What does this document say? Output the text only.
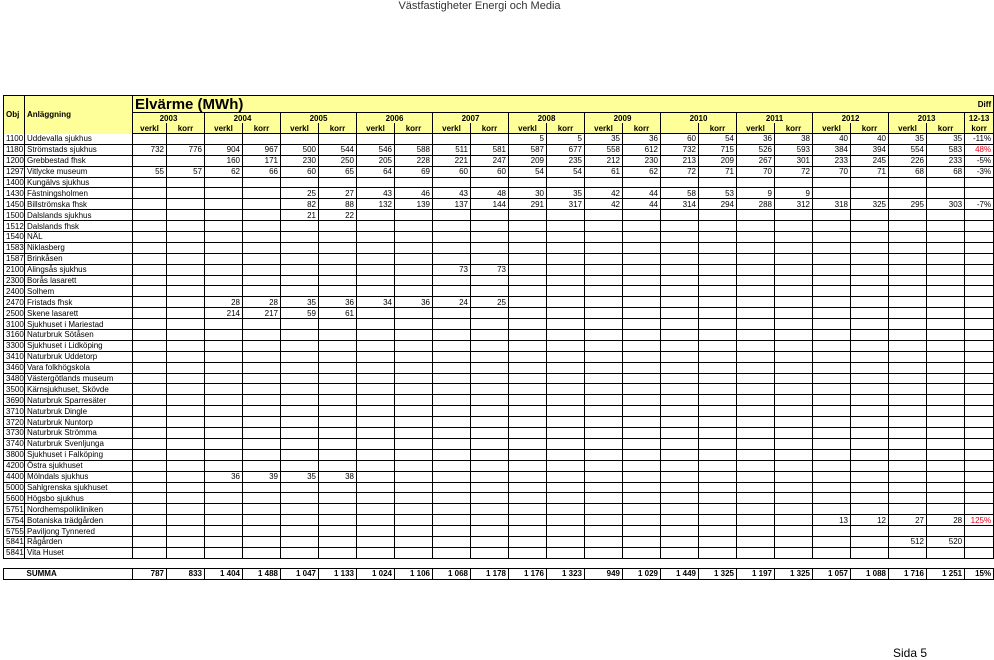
Västfastigheter Energi och Media
Obj	Anläggning	Elvärme (MWh)																						Diff
		2003		2004		2005		2006		2007		2008		2009		2010		2011		2012		2013		12-13
		verkl	korr	verkl	korr	verkl	korr	verkl	korr	verkl	korr	verkl	korr	verkl	korr		korr	verkl	korr	verkl	korr	verkl	korr	korr
1100	Uddevalla sjukhus											5	5	35	36	60	54	36	38	40	40	35	35	-11%
1180	Strömstads sjukhus	732	776	904	967	500	544	546	588	511	581	587	677	558	612	732	715	526	593	384	394	554	583	48%
1200	Grebbestad fhsk			160	171	230	250	205	228	221	247	209	235	212	230	213	209	267	301	233	245	226	233	-5%
1297	Vitlycke museum	55	57	62	66	60	65	64	69	60	60	54	54	61	62	72	71	70	72	70	71	68	68	-3%
1400	Kungälvs sjukhus																							
1430	Fästningsholmen					25	27	43	46	43	48	30	35	42	44	58	53	9	9					
1450	Billströmska fhsk					82	88	132	139	137	144	291	317	42	44	314	294	288	312	318	325	295	303	-7%
1500	Dalslands sjukhus					21	22																	
1512	Dalslands fhsk																							
1540	NÄL																							
1583	Niklasberg																							
1587	Brinkåsen																							
2100	Alingsås sjukhus									73	73													
2300	Borås lasarett																							
2400	Solhem																							
2470	Fristads fhsk			28	28	35	36	34	36	24	25													
2500	Skene lasarett			214	217	59	61																	
3100	Sjukhuset i Mariestad																							
3160	Naturbruk Sötåsen																							
3300	Sjukhuset i Lidköping																							
3410	Naturbruk Uddetorp																							
3460	Vara folkhögskola																							
3480	Västergötlands museum																							
3500	Kärnsjukhuset, Skövde																							
3690	Naturbruk Sparresäter																							
3710	Naturbruk Dingle																							
3720	Naturbruk Nuntorp																							
3730	Naturbruk Strömma																							
3740	Naturbruk Svenljunga																							
3800	Sjukhuset i Falköping																							
4200	Östra sjukhuset																							
4400	Mölndals sjukhus			36	39	35	38																	
5000	Sahlgrenska sjukhuset																							
5600	Högsbo sjukhus																							
5751	Nordhemspolikliniken																							
5754	Botaniska trädgården																			13	12	27	28	125%
5755	Paviljong Tynnered																							
5841	Rågården																					512	520	
5841	Vita Huset																							

	SUMMA	787	833	1 404	1 488	1 047	1 133	1 024	1 106	1 068	1 178	1 176	1 323	949	1 029	1 449	1 325	1 197	1 325	1 057	1 088	1 716	1 251	15%
Sida 5
